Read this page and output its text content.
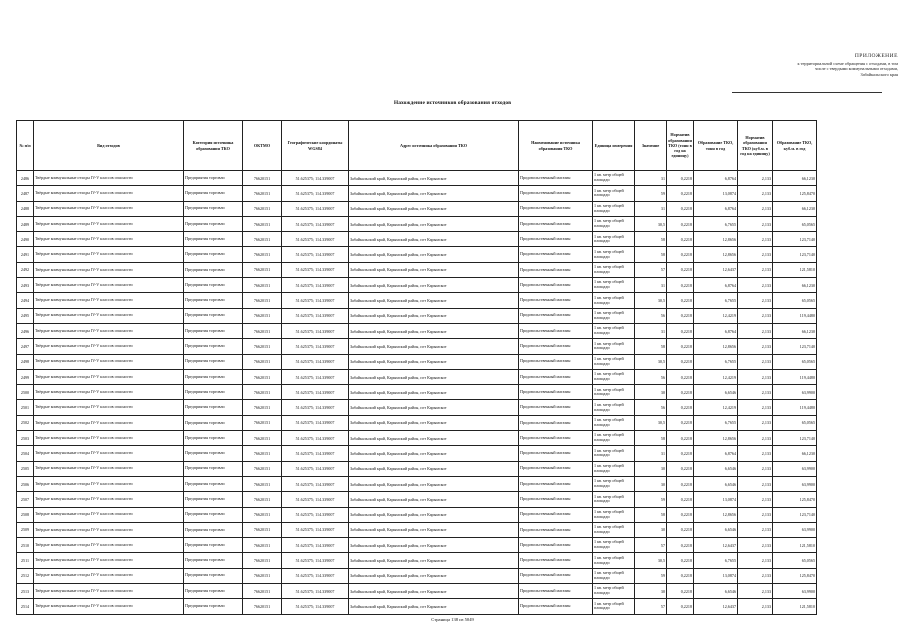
ПРИЛОЖЕНИЕ
к территориальной схеме обращения с отходами, в том
числе с твердыми коммунальными отходами,
Забайкальского края
Нахождение источников образования отходов
№ п/п	Вид отходов	Категория источника образования ТКО	ОКТМО	Географические координаты WGS84	Адрес источника образования ТКО	Наименование источника образования ТКО	Единица измерения	Значение	Норматив образования ТКО (тонн в год на единицу)	Образование ТКО, тонн в год	Норматив образования ТКО (куб.м. в год на единицу)	Образование ТКО, куб.м. в год
2486	Твёрдые коммунальные отходы IV-V классов опасности	Предприятия торговли	76620151	51.625375; 114.339007	Забайкальский край, Карымский район, пгт Карымское	Продовольственный магазин	1 кв. метр общей площади	31	0,2218	6,8764	2,133	66,1230
2487	Твёрдые коммунальные отходы IV-V классов опасности	Предприятия торговли	76620151	51.625375; 114.339007	Забайкальский край, Карымский район, пгт Карымское	Продовольственный магазин	1 кв. метр общей площади	59	0,2218	13,0874	2,133	125,8470
2488	Твёрдые коммунальные отходы IV-V классов опасности	Предприятия торговли	76620151	51.625375; 114.339007	Забайкальский край, Карымский район, пгт Карымское	Продовольственный магазин	1 кв. метр общей площади	31	0,2218	6,8764	2,133	66,1230
2489	Твёрдые коммунальные отходы IV-V классов опасности	Предприятия торговли	76620151	51.625375; 114.339007	Забайкальский край, Карымский район, пгт Карымское	Продовольственный магазин	1 кв. метр общей площади	30,5	0,2218	6,7655	2,133	65,0565
2490	Твёрдые коммунальные отходы IV-V классов опасности	Предприятия торговли	76620151	51.625375; 114.339007	Забайкальский край, Карымский район, пгт Карымское	Продовольственный магазин	1 кв. метр общей площади	58	0,2218	12,8656	2,133	123,7140
2491	Твёрдые коммунальные отходы IV-V классов опасности	Предприятия торговли	76620151	51.625375; 114.339007	Забайкальский край, Карымский район, пгт Карымское	Продовольственный магазин	1 кв. метр общей площади	58	0,2218	12,8656	2,133	123,7140
2492	Твёрдые коммунальные отходы IV-V классов опасности	Предприятия торговли	76620151	51.625375; 114.339007	Забайкальский край, Карымский район, пгт Карымское	Продовольственный магазин	1 кв. метр общей площади	57	0,2218	12,6437	2,133	121,5810
2493	Твёрдые коммунальные отходы IV-V классов опасности	Предприятия торговли	76620151	51.625375; 114.339007	Забайкальский край, Карымский район, пгт Карымское	Продовольственный магазин	1 кв. метр общей площади	31	0,2218	6,8764	2,133	66,1230
2494	Твёрдые коммунальные отходы IV-V классов опасности	Предприятия торговли	76620151	51.625375; 114.339007	Забайкальский край, Карымский район, пгт Карымское	Продовольственный магазин	1 кв. метр общей площади	30,5	0,2218	6,7655	2,133	65,0565
2495	Твёрдые коммунальные отходы IV-V классов опасности	Предприятия торговли	76620151	51.625375; 114.339007	Забайкальский край, Карымский район, пгт Карымское	Продовольственный магазин	1 кв. метр общей площади	56	0,2218	12,4219	2,133	119,4480
2496	Твёрдые коммунальные отходы IV-V классов опасности	Предприятия торговли	76620151	51.625375; 114.339007	Забайкальский край, Карымский район, пгт Карымское	Продовольственный магазин	1 кв. метр общей площади	31	0,2218	6,8764	2,133	66,1230
2497	Твёрдые коммунальные отходы IV-V классов опасности	Предприятия торговли	76620151	51.625375; 114.339007	Забайкальский край, Карымский район, пгт Карымское	Продовольственный магазин	1 кв. метр общей площади	58	0,2218	12,8656	2,133	123,7140
2498	Твёрдые коммунальные отходы IV-V классов опасности	Предприятия торговли	76620151	51.625375; 114.339007	Забайкальский край, Карымский район, пгт Карымское	Продовольственный магазин	1 кв. метр общей площади	30,5	0,2218	6,7655	2,133	65,0565
2499	Твёрдые коммунальные отходы IV-V классов опасности	Предприятия торговли	76620151	51.625375; 114.339007	Забайкальский край, Карымский район, пгт Карымское	Продовольственный магазин	1 кв. метр общей площади	56	0,2218	12,4219	2,133	119,4480
2500	Твёрдые коммунальные отходы IV-V классов опасности	Предприятия торговли	76620151	51.625375; 114.339007	Забайкальский край, Карымский район, пгт Карымское	Продовольственный магазин	1 кв. метр общей площади	30	0,2218	6,6546	2,133	63,9900
2501	Твёрдые коммунальные отходы IV-V классов опасности	Предприятия торговли	76620151	51.625375; 114.339007	Забайкальский край, Карымский район, пгт Карымское	Продовольственный магазин	1 кв. метр общей площади	56	0,2218	12,4219	2,133	119,4480
2502	Твёрдые коммунальные отходы IV-V классов опасности	Предприятия торговли	76620151	51.625375; 114.339007	Забайкальский край, Карымский район, пгт Карымское	Продовольственный магазин	1 кв. метр общей площади	30,5	0,2218	6,7655	2,133	65,0565
2503	Твёрдые коммунальные отходы IV-V классов опасности	Предприятия торговли	76620151	51.625375; 114.339007	Забайкальский край, Карымский район, пгт Карымское	Продовольственный магазин	1 кв. метр общей площади	58	0,2218	12,8656	2,133	123,7140
2504	Твёрдые коммунальные отходы IV-V классов опасности	Предприятия торговли	76620151	51.625375; 114.339007	Забайкальский край, Карымский район, пгт Карымское	Продовольственный магазин	1 кв. метр общей площади	31	0,2218	6,8764	2,133	66,1230
2505	Твёрдые коммунальные отходы IV-V классов опасности	Предприятия торговли	76620151	51.625375; 114.339007	Забайкальский край, Карымский район, пгт Карымское	Продовольственный магазин	1 кв. метр общей площади	30	0,2218	6,6546	2,133	63,9900
2506	Твёрдые коммунальные отходы IV-V классов опасности	Предприятия торговли	76620151	51.625375; 114.339007	Забайкальский край, Карымский район, пгт Карымское	Продовольственный магазин	1 кв. метр общей площади	30	0,2218	6,6546	2,133	63,9900
2507	Твёрдые коммунальные отходы IV-V классов опасности	Предприятия торговли	76620151	51.625375; 114.339007	Забайкальский край, Карымский район, пгт Карымское	Продовольственный магазин	1 кв. метр общей площади	59	0,2218	13,0874	2,133	125,8470
2508	Твёрдые коммунальные отходы IV-V классов опасности	Предприятия торговли	76620151	51.625375; 114.339007	Забайкальский край, Карымский район, пгт Карымское	Продовольственный магазин	1 кв. метр общей площади	58	0,2218	12,8656	2,133	123,7140
2509	Твёрдые коммунальные отходы IV-V классов опасности	Предприятия торговли	76620151	51.625375; 114.339007	Забайкальский край, Карымский район, пгт Карымское	Продовольственный магазин	1 кв. метр общей площади	30	0,2218	6,6546	2,133	63,9900
2510	Твёрдые коммунальные отходы IV-V классов опасности	Предприятия торговли	76620151	51.625375; 114.339007	Забайкальский край, Карымский район, пгт Карымское	Продовольственный магазин	1 кв. метр общей площади	57	0,2218	12,6437	2,133	121,5810
2511	Твёрдые коммунальные отходы IV-V классов опасности	Предприятия торговли	76620151	51.625375; 114.339007	Забайкальский край, Карымский район, пгт Карымское	Продовольственный магазин	1 кв. метр общей площади	30,5	0,2218	6,7655	2,133	65,0565
2512	Твёрдые коммунальные отходы IV-V классов опасности	Предприятия торговли	76620151	51.625375; 114.339007	Забайкальский край, Карымский район, пгт Карымское	Продовольственный магазин	1 кв. метр общей площади	59	0,2218	13,0874	2,133	125,8470
2513	Твёрдые коммунальные отходы IV-V классов опасности	Предприятия торговли	76620151	51.625375; 114.339007	Забайкальский край, Карымский район, пгт Карымское	Продовольственный магазин	1 кв. метр общей площади	30	0,2218	6,6546	2,133	63,9900
2514	Твёрдые коммунальные отходы IV-V классов опасности	Предприятия торговли	76620151	51.625375; 114.339007	Забайкальский край, Карымский район, пгт Карымское	Продовольственный магазин	1 кв. метр общей площади	57	0,2218	12,6437	2,133	121,5810
Страница 138 из 5049
